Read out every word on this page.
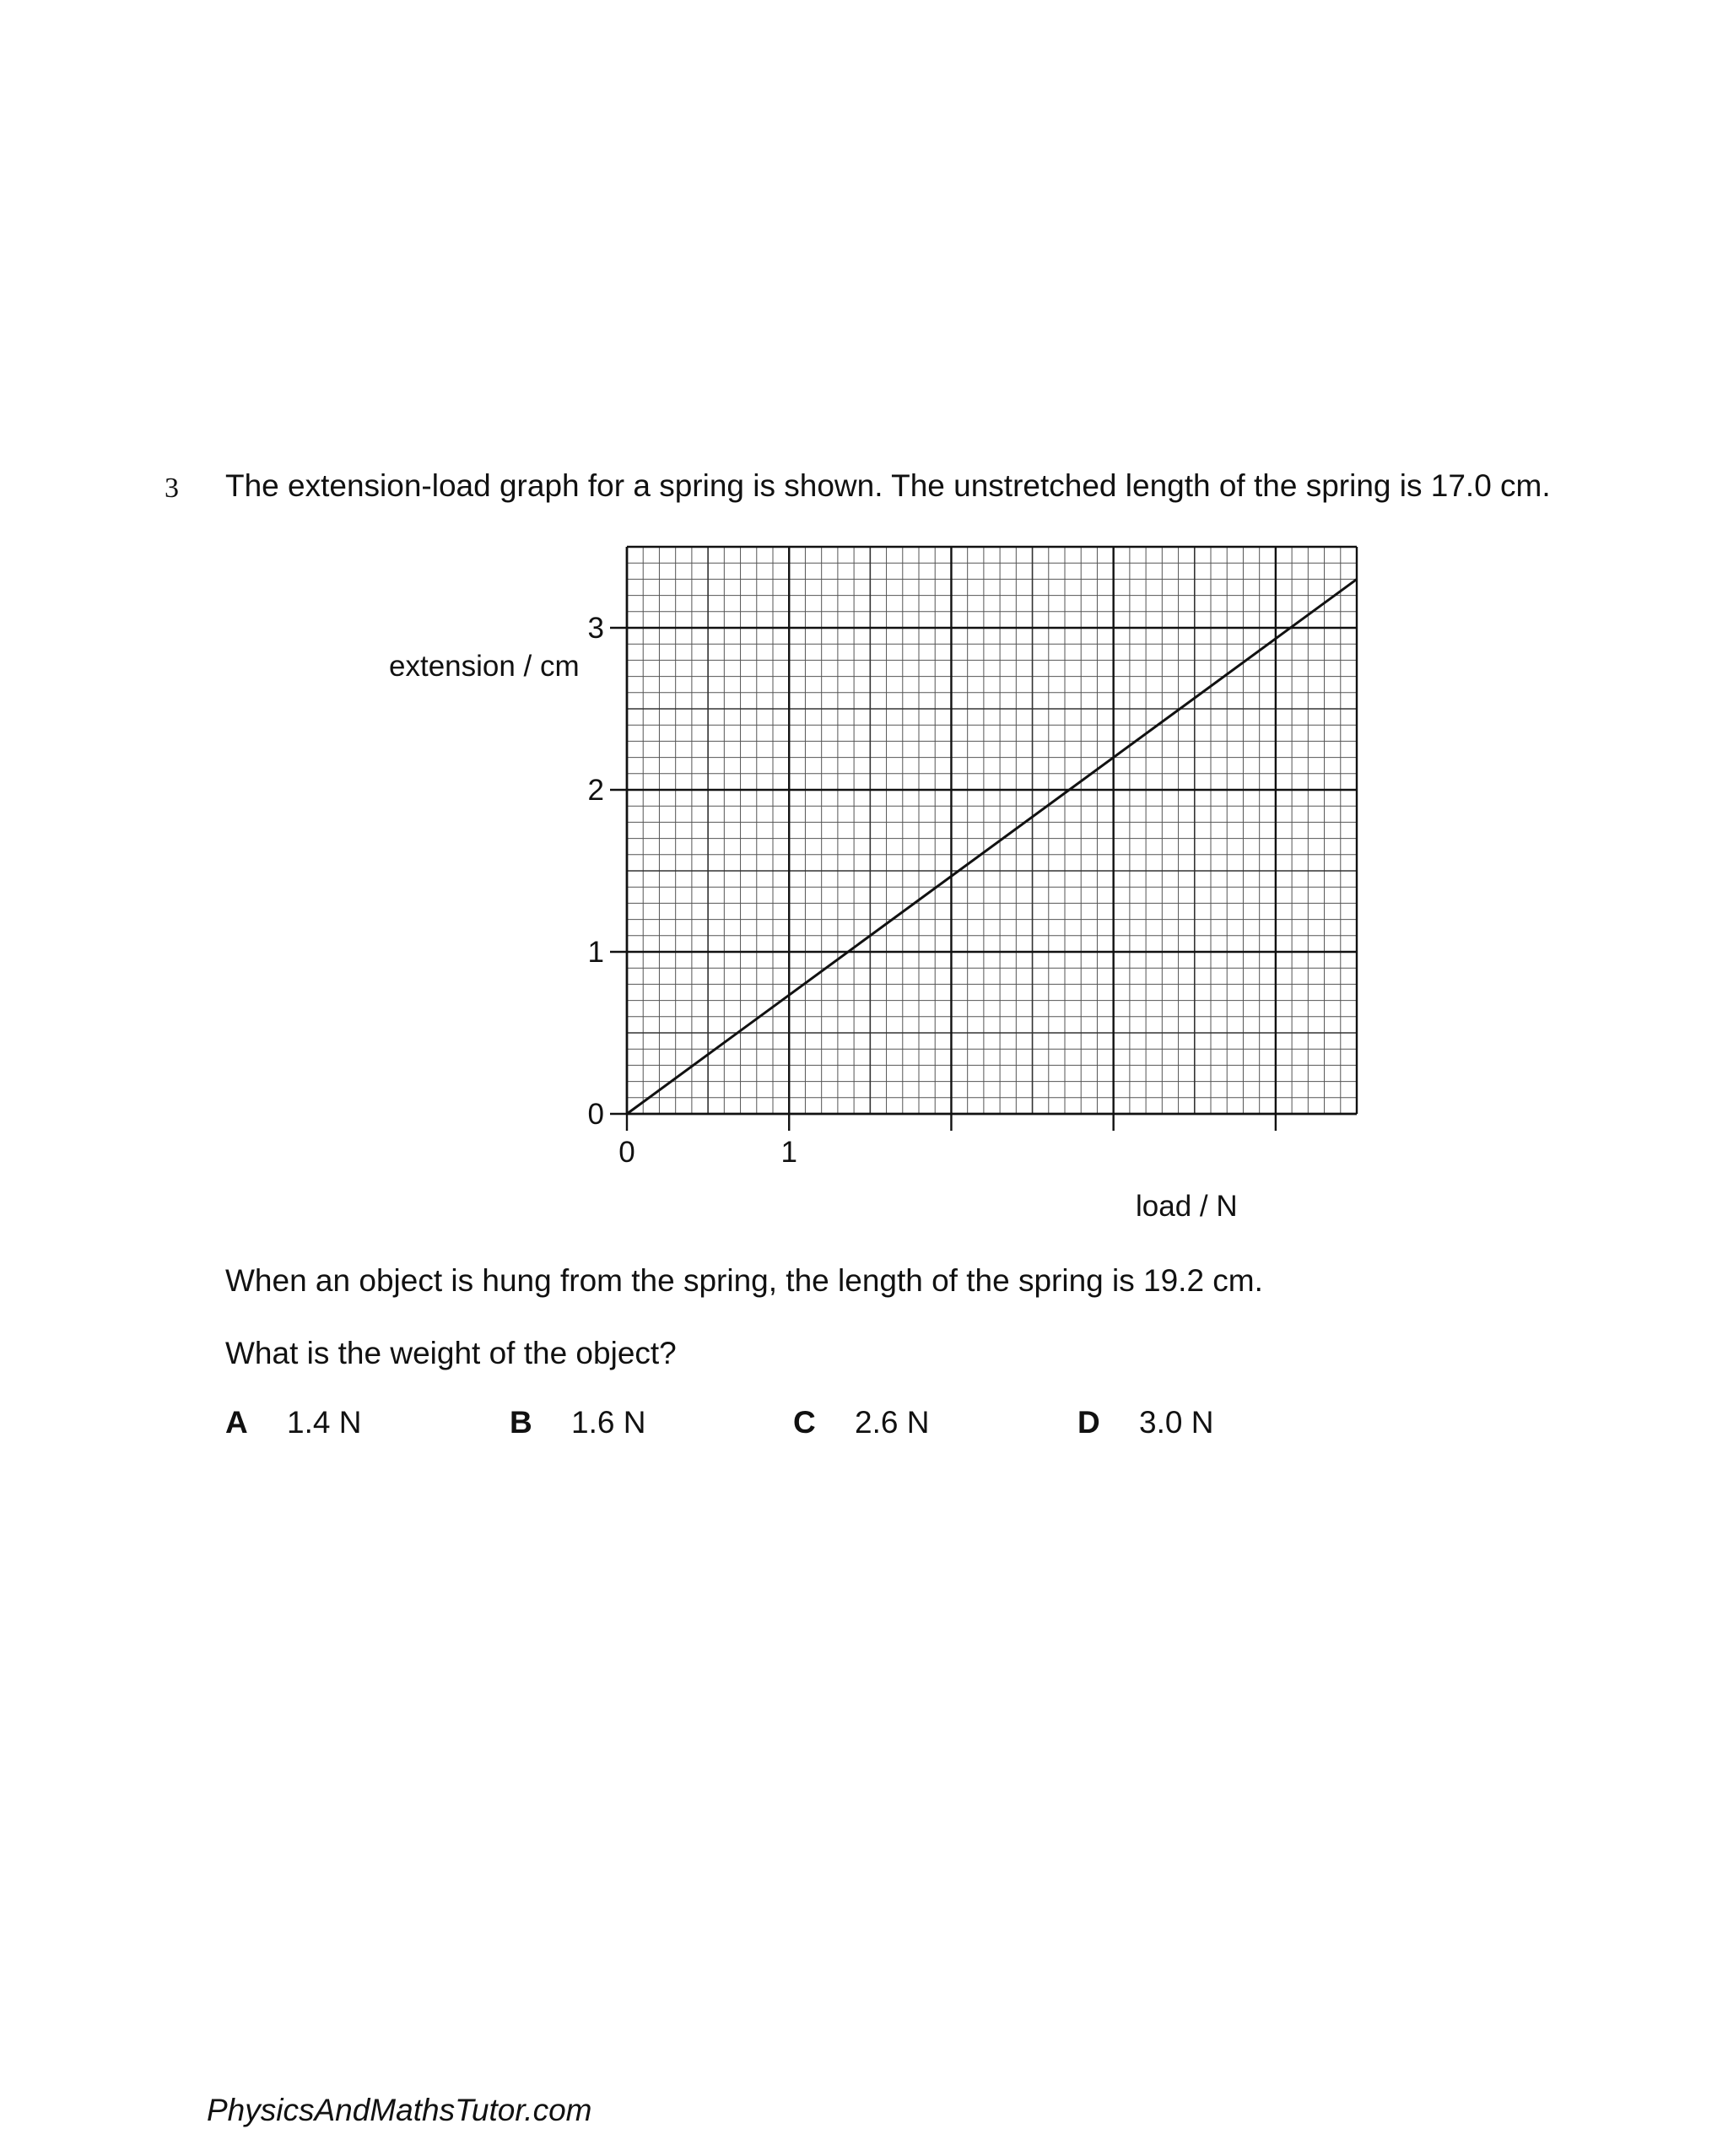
3 The extension-load graph for a spring is shown. The unstretched length of the spring is 17.0 cm.
0
1
2
3
0	1
extension / cm
load / N
When an object is hung from the spring, the length of the spring is 19.2 cm.
What is the weight of the object?
A 1.4 N	B 1.6 N	C 2.6 N	D 3.0 N
PhysicsAndMathsTutor.com
